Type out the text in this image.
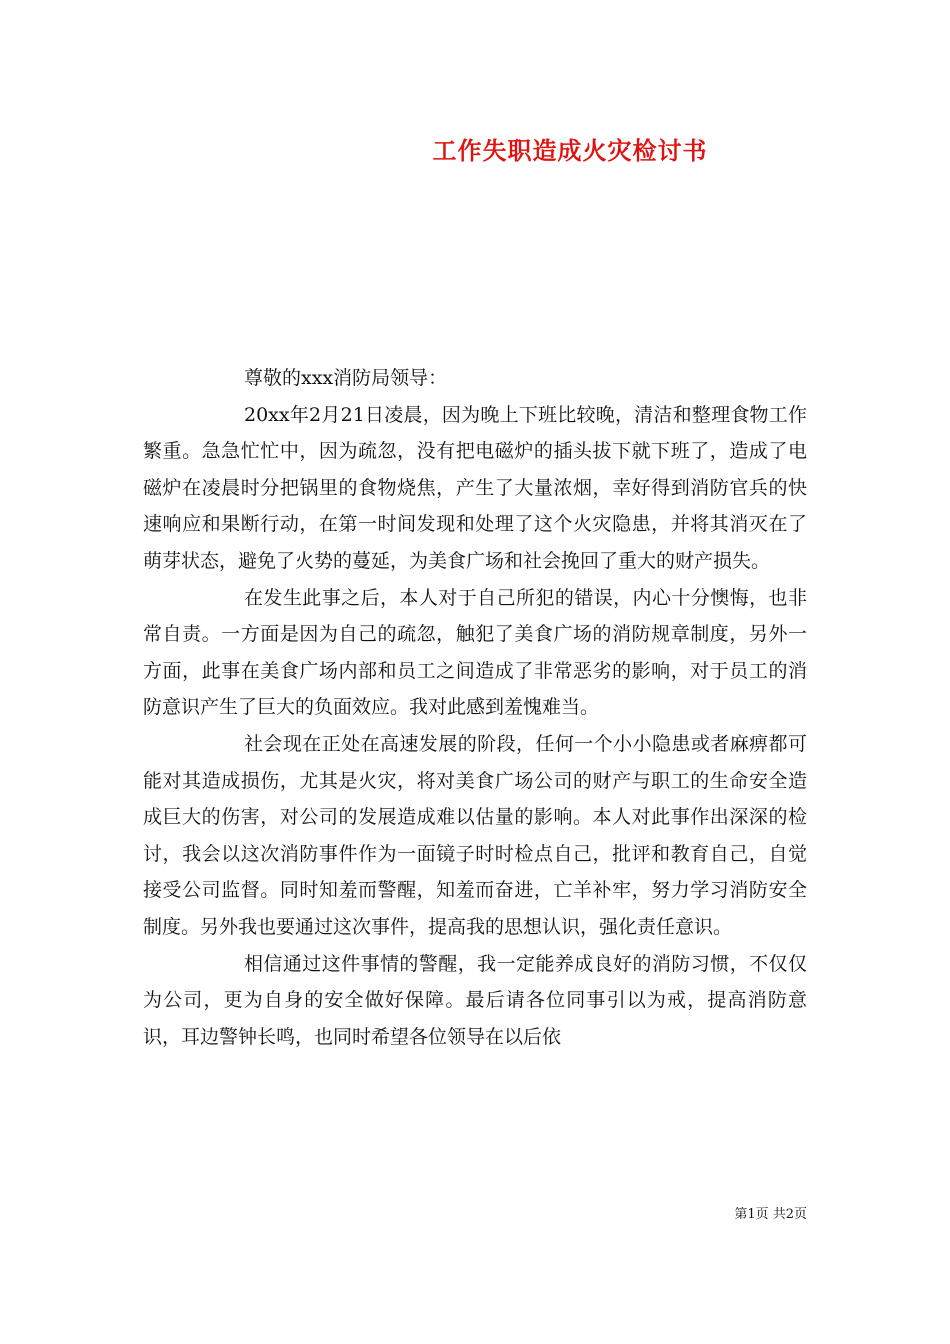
工作失职造成火灾检讨书

尊敬的xxx消防局领导：

20xx年2月21日凌晨，因为晚上下班比较晚，清洁和整理食物工作繁重。急急忙忙中，因为疏忽，没有把电磁炉的插头拔下就下班了，造成了电磁炉在凌晨时分把锅里的食物烧焦，产生了大量浓烟，幸好得到消防官兵的快速响应和果断行动，在第一时间发现和处理了这个火灾隐患，并将其消灭在了萌芽状态，避免了火势的蔓延，为美食广场和社会挽回了重大的财产损失。

在发生此事之后，本人对于自己所犯的错误，内心十分懊悔，也非常自责。一方面是因为自己的疏忽，触犯了美食广场的消防规章制度，另外一方面，此事在美食广场内部和员工之间造成了非常恶劣的影响，对于员工的消防意识产生了巨大的负面效应。我对此感到羞愧难当。

社会现在正处在高速发展的阶段，任何一个小小隐患或者麻痹都可能对其造成损伤，尤其是火灾，将对美食广场公司的财产与职工的生命安全造成巨大的伤害，对公司的发展造成难以估量的影响。本人对此事作出深深的检讨，我会以这次消防事件作为一面镜子时时检点自己，批评和教育自己，自觉接受公司监督。同时知羞而警醒，知羞而奋进，亡羊补牢，努力学习消防安全制度。另外我也要通过这次事件，提高我的思想认识，强化责任意识。

相信通过这件事情的警醒，我一定能养成良好的消防习惯，不仅仅为公司，更为自身的安全做好保障。最后请各位同事引以为戒，提高消防意识，耳边警钟长鸣，也同时希望各位领导在以后依

第1页 共2页
